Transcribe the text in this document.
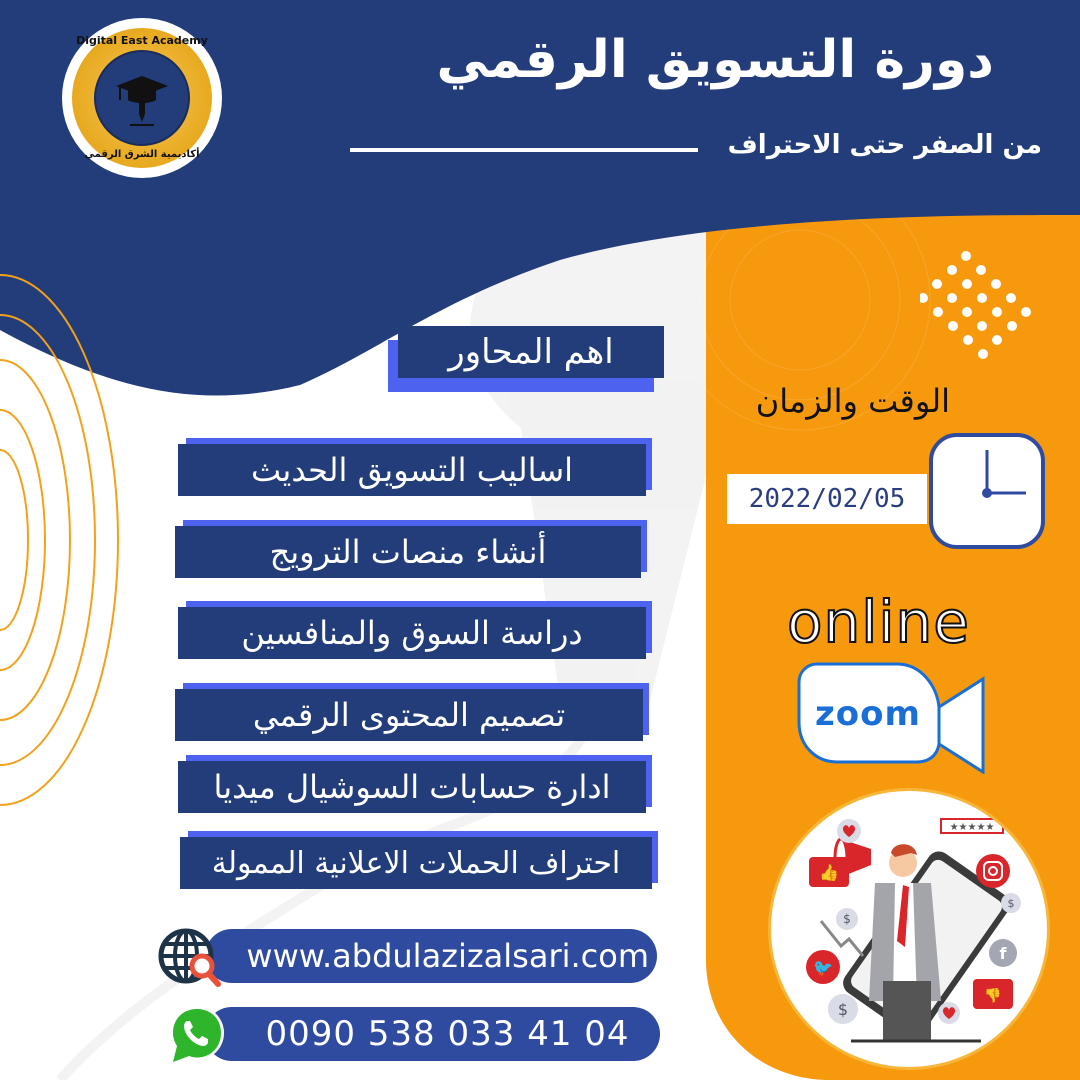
Digital East Academy
أكاديمية الشرق الرقمي
دورة التسويق الرقمي
من الصفر حتى الاحتراف
اهم المحاور
اساليب التسويق الحديث
أنشاء منصات الترويج
دراسة السوق والمنافسين
تصميم المحتوى الرقمي
ادارة حسابات السوشيال ميديا
احتراف الحملات الاعلانية الممولة
www.abdulazizalsari.com
0090 538 033 41 04
الوقت والزمان
2022/02/05
online
zoom
👍
★★★★★
$
$
🐦
f
👎
$
